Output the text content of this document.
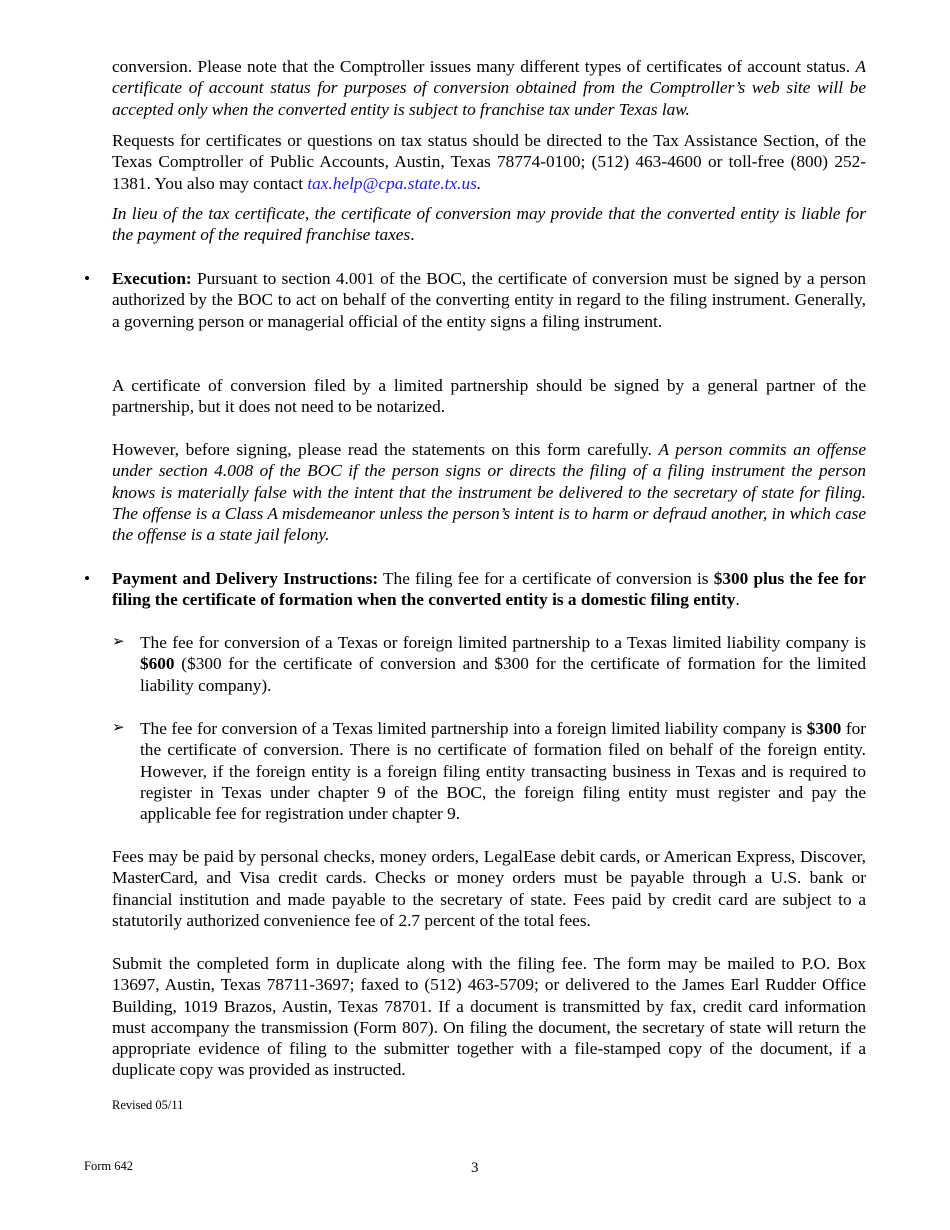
conversion. Please note that the Comptroller issues many different types of certificates of account status. A certificate of account status for purposes of conversion obtained from the Comptroller’s web site will be accepted only when the converted entity is subject to franchise tax under Texas law.

Requests for certificates or questions on tax status should be directed to the Tax Assistance Section, of the Texas Comptroller of Public Accounts, Austin, Texas 78774-0100; (512) 463-4600 or toll-free (800) 252-1381. You also may contact tax.help@cpa.state.tx.us.

In lieu of the tax certificate, the certificate of conversion may provide that the converted entity is liable for the payment of the required franchise taxes.

• Execution: Pursuant to section 4.001 of the BOC, the certificate of conversion must be signed by a person authorized by the BOC to act on behalf of the converting entity in regard to the filing instrument. Generally, a governing person or managerial official of the entity signs a filing instrument.

A certificate of conversion filed by a limited partnership should be signed by a general partner of the partnership, but it does not need to be notarized.

However, before signing, please read the statements on this form carefully. A person commits an offense under section 4.008 of the BOC if the person signs or directs the filing of a filing instrument the person knows is materially false with the intent that the instrument be delivered to the secretary of state for filing. The offense is a Class A misdemeanor unless the person’s intent is to harm or defraud another, in which case the offense is a state jail felony.

• Payment and Delivery Instructions: The filing fee for a certificate of conversion is $300 plus the fee for filing the certificate of formation when the converted entity is a domestic filing entity.

➢ The fee for conversion of a Texas or foreign limited partnership to a Texas limited liability company is $600 ($300 for the certificate of conversion and $300 for the certificate of formation for the limited liability company).

➢ The fee for conversion of a Texas limited partnership into a foreign limited liability company is $300 for the certificate of conversion. There is no certificate of formation filed on behalf of the foreign entity. However, if the foreign entity is a foreign filing entity transacting business in Texas and is required to register in Texas under chapter 9 of the BOC, the foreign filing entity must register and pay the applicable fee for registration under chapter 9.

Fees may be paid by personal checks, money orders, LegalEase debit cards, or American Express, Discover, MasterCard, and Visa credit cards. Checks or money orders must be payable through a U.S. bank or financial institution and made payable to the secretary of state. Fees paid by credit card are subject to a statutorily authorized convenience fee of 2.7 percent of the total fees.

Submit the completed form in duplicate along with the filing fee. The form may be mailed to P.O. Box 13697, Austin, Texas 78711-3697; faxed to (512) 463-5709; or delivered to the James Earl Rudder Office Building, 1019 Brazos, Austin, Texas 78701. If a document is transmitted by fax, credit card information must accompany the transmission (Form 807). On filing the document, the secretary of state will return the appropriate evidence of filing to the submitter together with a file-stamped copy of the document, if a duplicate copy was provided as instructed.

Revised 05/11
Form 642	3
